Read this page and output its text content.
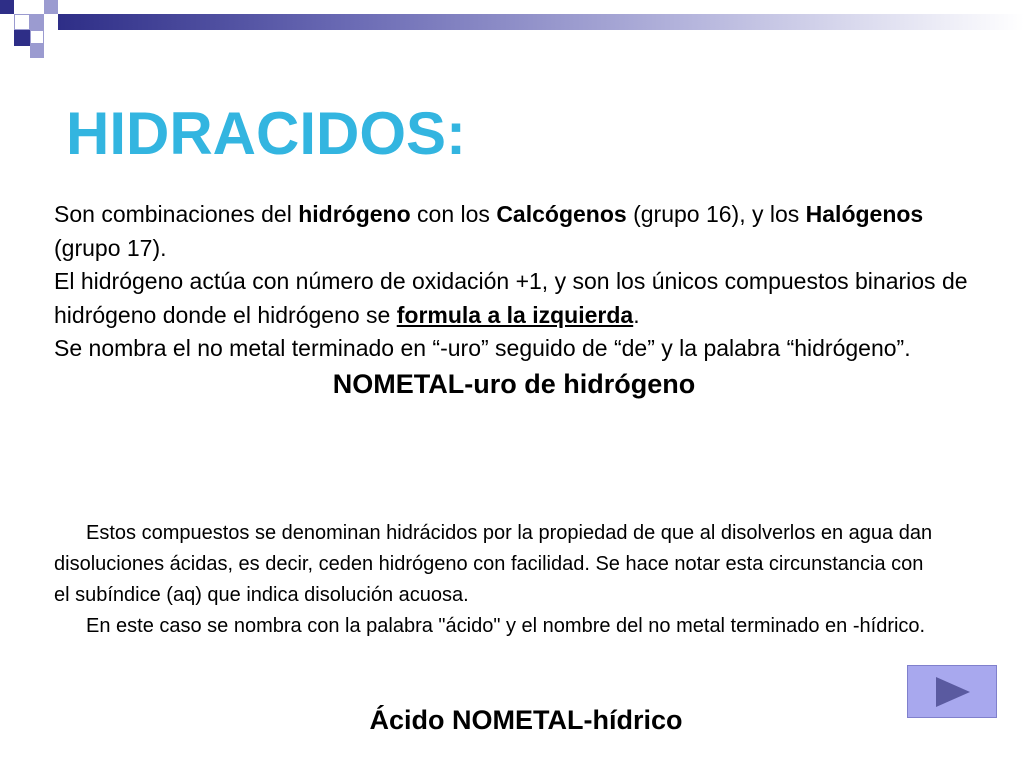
HIDRACIDOS:

Son combinaciones del hidrógeno con los Calcógenos (grupo 16), y los Halógenos (grupo 17).

El hidrógeno actúa con número de oxidación +1, y son los únicos compuestos binarios de hidrógeno donde el hidrógeno se formula a la izquierda.

Se nombra el no metal terminado en “-uro” seguido de “de” y la palabra “hidrógeno”.

NOMETAL-uro de hidrógeno

Estos compuestos se denominan hidrácidos por la propiedad de que al disolverlos en agua dan disoluciones ácidas, es decir, ceden hidrógeno con facilidad. Se hace notar esta circunstancia con el subíndice (aq) que indica disolución acuosa.

En este caso se nombra con la palabra "ácido" y el nombre del no metal terminado en -hídrico.

Ácido NOMETAL-hídrico
